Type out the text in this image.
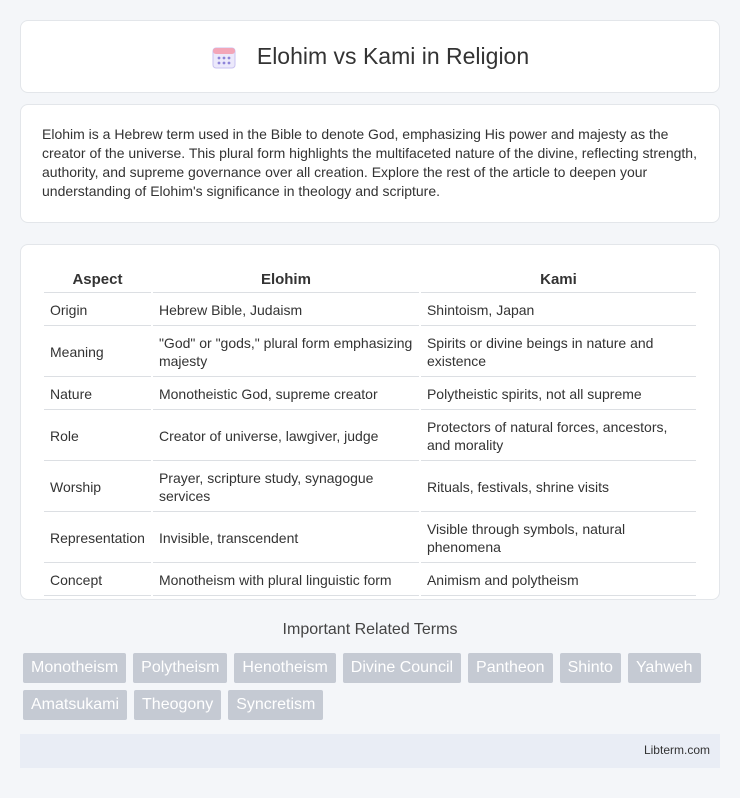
Elohim vs Kami in Religion

Elohim is a Hebrew term used in the Bible to denote God, emphasizing His power and majesty as the creator of the universe. This plural form highlights the multifaceted nature of the divine, reflecting strength, authority, and supreme governance over all creation. Explore the rest of the article to deepen your understanding of Elohim's significance in theology and scripture.

Aspect	Elohim	Kami
Origin	Hebrew Bible, Judaism	Shintoism, Japan
Meaning	"God" or "gods," plural form emphasizing majesty	Spirits or divine beings in nature and existence
Nature	Monotheistic God, supreme creator	Polytheistic spirits, not all supreme
Role	Creator of universe, lawgiver, judge	Protectors of natural forces, ancestors, and morality
Worship	Prayer, scripture study, synagogue services	Rituals, festivals, shrine visits
Representation	Invisible, transcendent	Visible through symbols, natural phenomena
Concept	Monotheism with plural linguistic form	Animism and polytheism
Important Related Terms
Monotheism	Polytheism	Henotheism	Divine Council	Pantheon	Shinto	Yahweh
Amatsukami	Theogony	Syncretism
Libterm.com
